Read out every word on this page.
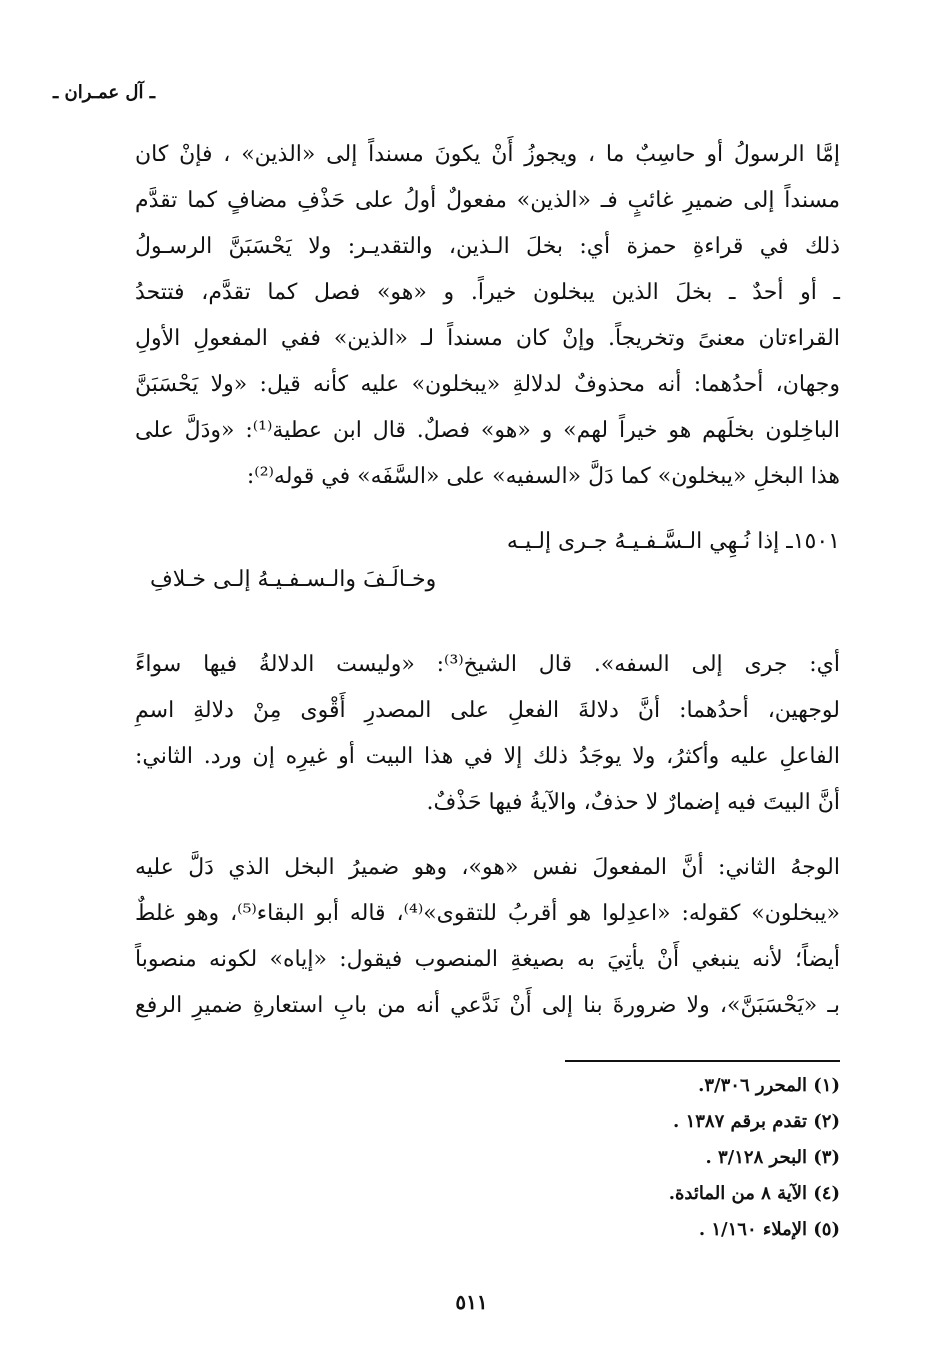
ـ آل عمـران ـ
إمَّا الرسولُ أو حاسِبٌ ما ، ويجوزُ أَنْ يكونَ مسنداً إلى «الذين» ، فإنْ كان
مسنداً إلى ضميرِ غائبٍ فـ «الذين» مفعولٌ أولُ على حَذْفِ مضافٍ كما تقدَّم
ذلك في قراءةِ حمزة أي: بخلَ الـذين، والتقديـر: ولا يَحْسَبَنَّ الرسـولُ
ـ أو أحدٌ ـ بخلَ الذين يبخلون خيراً. و «هو» فصل كما تقدَّم، فتتحدُ
القراءتان معنىً وتخريجاً. وإنْ كان مسنداً لـ «الذين» ففي المفعولِ الأولِ
وجهان، أحدُهما: أنه محذوفٌ لدلالةِ «يبخلون» عليه كأنه قيل: «ولا يَحْسَبَنَّ
الباخِلون بخلَهم هو خيراً لهم» و «هو» فصلٌ. قال ابن عطية⁽¹⁾: «ودَلَّ على
هذا البخلِ «يبخلون» كما دَلَّ «السفيه» على «السَّفَه» في قوله⁽²⁾:
١٥٠١ـ إذا نُـهِي الـسَّـفـيـهُ جـرى إلـيـه
وخـالَـفَ والـسـفـيـهُ إلـى خـلافِ
أي: جرى إلى السفه». قال الشيخ⁽³⁾: «وليست الدلالةُ فيها سواءً
لوجهين، أحدُهما: أنَّ دلالةَ الفعلِ على المصدرِ أَقْوى مِنْ دلالةِ اسمِ
الفاعلِ عليه وأكثرُ، ولا يوجَدُ ذلك إلا في هذا البيت أو غيرِه إن ورد. الثاني:
أنَّ البيتَ فيه إضمارٌ لا حذفٌ، والآيةُ فيها حَذْفٌ.
الوجهُ الثاني: أنَّ المفعولَ نفس «هو»، وهو ضميرُ البخل الذي دَلَّ عليه
«يبخلون» كقوله: «اعدِلوا هو أقربُ للتقوى»⁽⁴⁾، قاله أبو البقاء⁽⁵⁾، وهو غلطٌ
أيضاً؛ لأنه ينبغي أَنْ يأتِيَ به بصيغةِ المنصوب فيقول: «إياه» لكونه منصوباً
بـ «يَحْسَبَنَّ»، ولا ضرورةَ بنا إلى أَنْ نَدَّعي أنه من بابِ استعارةِ ضميرِ الرفع
(١) المحرر ٣/٣٠٦.
(٢) تقدم برقم ١٣٨٧ .
(٣) البحر ٣/١٢٨ .
(٤) الآية ٨ من المائدة.
(٥) الإملاء ١/١٦٠ .
٥١١
